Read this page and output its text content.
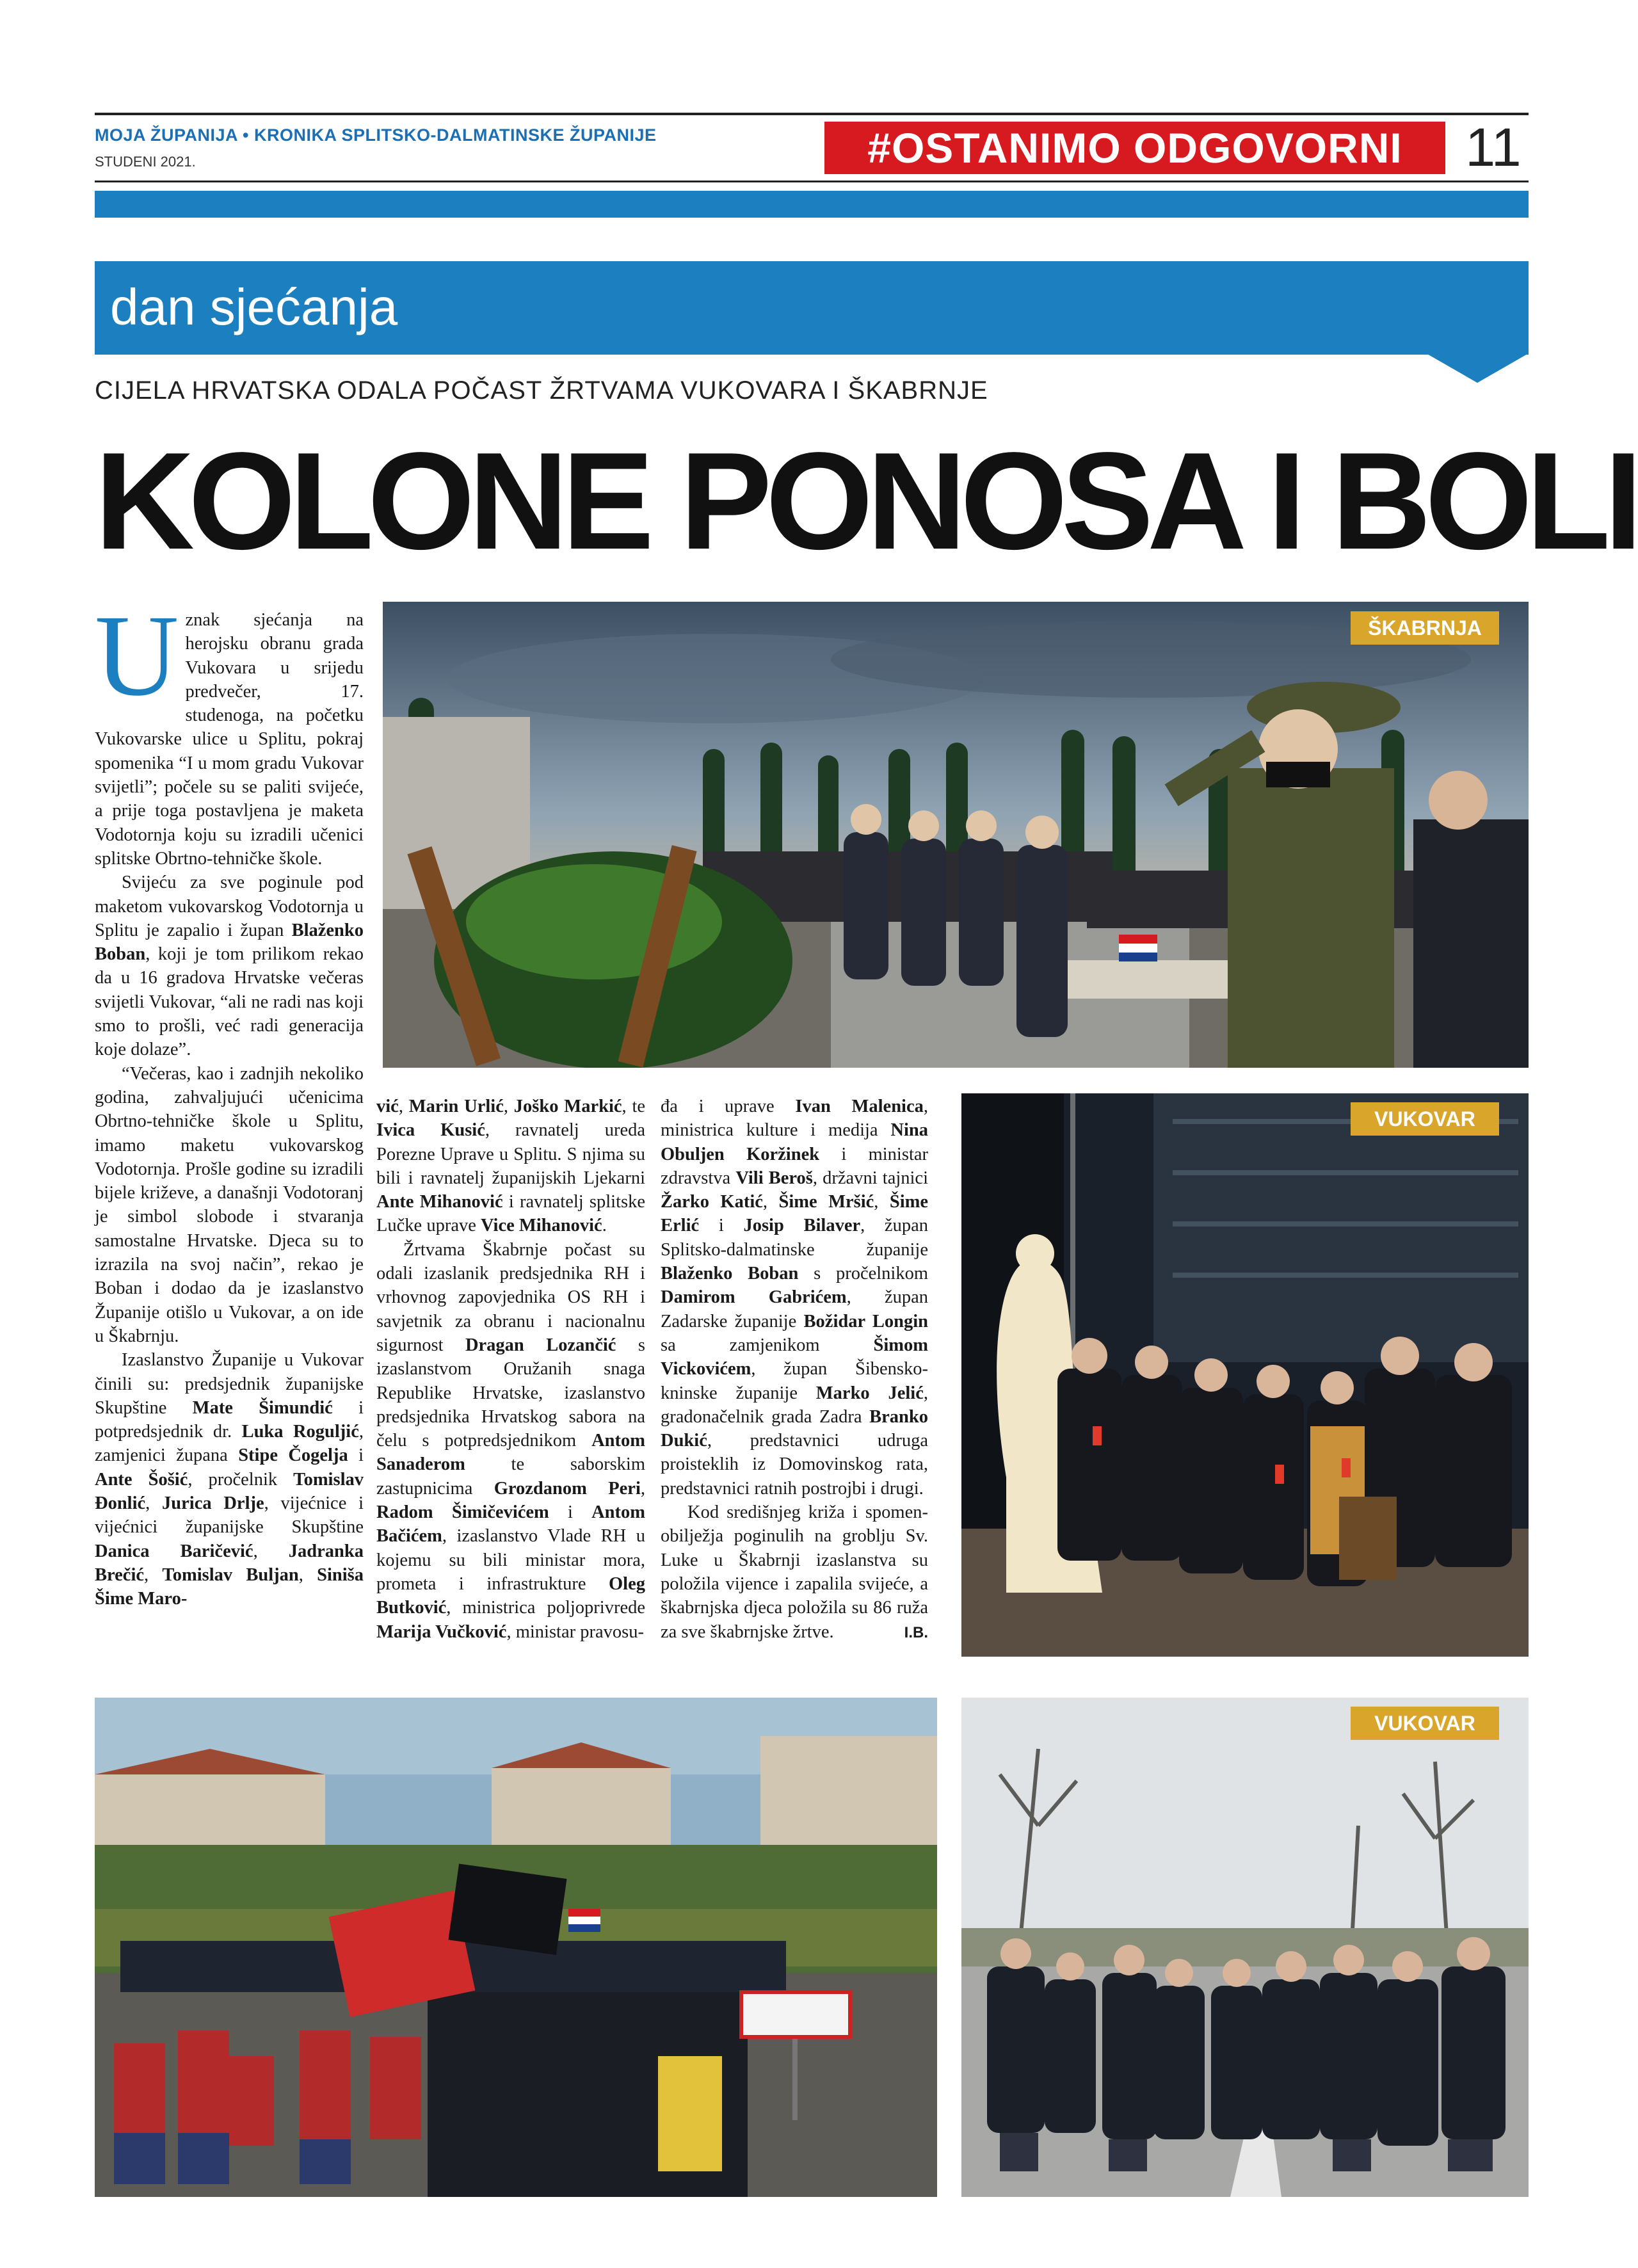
MOJA ŽUPANIJA • KRONIKA SPLITSKO-DALMATINSKE ŽUPANIJE
STUDENI 2021.	#OSTANIMO ODGOVORNI	11
dan sjećanja
CIJELA HRVATSKA ODALA POČAST ŽRTVAMA VUKOVARA I ŠKABRNJE
KOLONE PONOSA I BOLI

Uznak sjećanja na herojsku obranu grada Vukovara u srijedu predvečer, 17. studenoga, na početku Vukovarske ulice u Splitu, pokraj spomenika “I u mom gradu Vukovar svijetli”; počele su se paliti svijeće, a prije toga postavljena je maketa Vodotornja koju su izradili učenici splitske Obrtno-tehničke škole.

Svijeću za sve poginule pod maketom vukovarskog Vodotornja u Splitu je zapalio i župan Blaženko Boban, koji je tom prilikom rekao da u 16 gradova Hrvatske večeras svijetli Vukovar, “ali ne radi nas koji smo to prošli, već radi generacija koje dolaze”.

“Večeras, kao i zadnjih nekoliko godina, zahvaljujući učenicima Obrtno-tehničke škole u Splitu, imamo maketu vukovarskog Vodotornja. Prošle godine su izradili bijele križeve, a današnji Vodotoranj je simbol slobode i stvaranja samostalne Hrvatske. Djeca su to izrazila na svoj način”, rekao je Boban i dodao da je izaslanstvo Županije otišlo u Vukovar, a on ide u Škabrnju.

Izaslanstvo Županije u Vukovar činili su: predsjednik županijske Skupštine Mate Šimundić i potpredsjednik dr. Luka Roguljić, zamjenici župana Stipe Čogelja i Ante Šošić, pročelnik Tomislav Đonlić, Jurica Drlje, vijećnice i vijećnici županijske Skupštine Danica Baričević, Jadranka Brečić, Tomislav Buljan, Siniša Šime Maro-

vić, Marin Urlić, Joško Markić, te Ivica Kusić, ravnatelj ureda Porezne Uprave u Splitu. S njima su bili i ravnatelj županijskih Ljekarni Ante Mihanović i ravnatelj splitske Lučke uprave Vice Mihanović.

Žrtvama Škabrnje počast su odali izaslanik predsjednika RH i vrhovnog zapovjednika OS RH i savjetnik za obranu i nacionalnu sigurnost Dragan Lozančić s izaslanstvom Oružanih snaga Republike Hrvatske, izaslanstvo predsjednika Hrvatskog sabora na čelu s potpredsjednikom Antom Sanaderom te saborskim zastupnicima Grozdanom Peri, Radom Šimičevićem i Antom Bačićem, izaslanstvo Vlade RH u kojemu su bili ministar mora, prometa i infrastrukture Oleg Butković, ministrica poljoprivrede Marija Vučković, ministar pravosu-

đa i uprave Ivan Malenica, ministrica kulture i medija Nina Obuljen Koržinek i ministar zdravstva Vili Beroš, državni tajnici Žarko Katić, Šime Mršić, Šime Erlić i Josip Bilaver, župan Splitsko-dalmatinske županije Blaženko Boban s pročelnikom Damirom Gabrićem, župan Zadarske županije Božidar Longin sa zamjenikom Šimom Vickovićem, župan Šibensko-kninske županije Marko Jelić, gradonačelnik grada Zadra Branko Dukić, predstavnici udruga proisteklih iz Domovinskog rata, predstavnici ratnih postrojbi i drugi.

Kod središnjeg križa i spomen-obilježja poginulih na groblju Sv. Luke u Škabrnji izaslanstva su položila vijence i zapalila svijeće, a škabrnjska djeca položila su 86 ruža za sve škabrnjske žrtve.	I.B.
ŠKABRNJA
VUKOVAR
VUKOVAR
